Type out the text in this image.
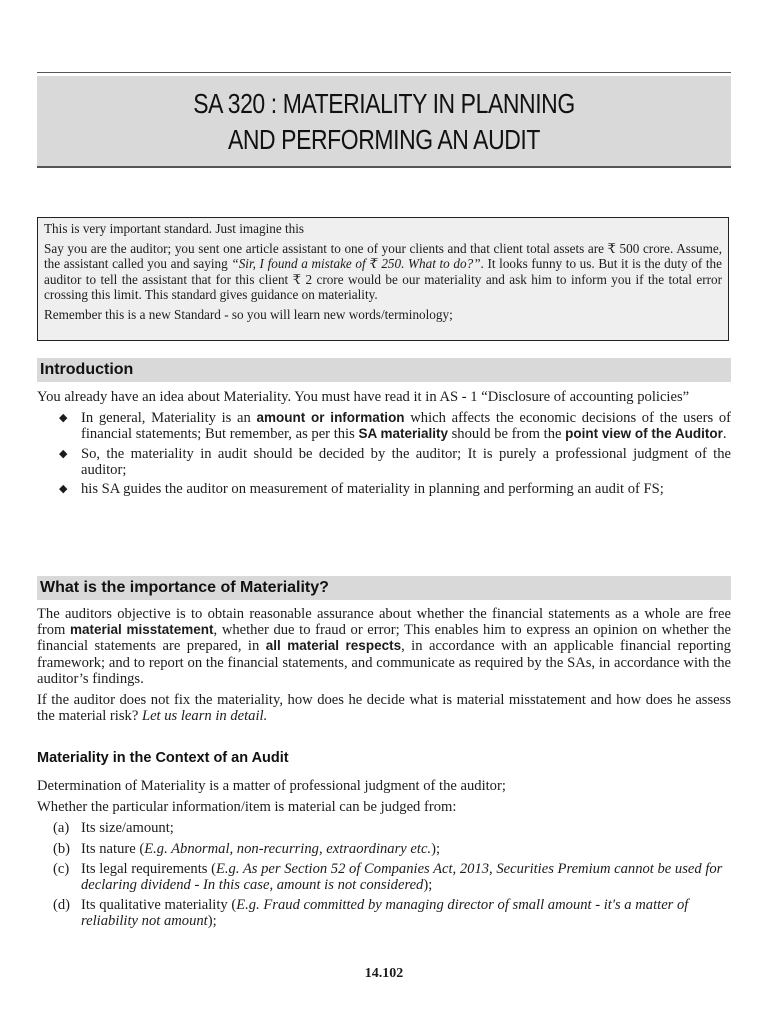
SA 320 : MATERIALITY IN PLANNING
AND PERFORMING AN AUDIT

This is very important standard. Just imagine this

Say you are the auditor; you sent one article assistant to one of your clients and that client total assets are ₹ 500 crore. Assume, the assistant called you and saying “Sir, I found a mistake of ₹ 250. What to do?”. It looks funny to us. But it is the duty of the auditor to tell the assistant that for this client ₹ 2 crore would be our materiality and ask him to inform you if the total error crossing this limit. This standard gives guidance on materiality.

Remember this is a new Standard - so you will learn new words/terminology;

Introduction

You already have an idea about Materiality. You must have read it in AS - 1 “Disclosure of accounting policies”

◆ In general, Materiality is an amount or information which affects the economic decisions of the users of financial statements; But remember, as per this SA materiality should be from the point view of the Auditor.
◆ So, the materiality in audit should be decided by the auditor; It is purely a professional judgment of the auditor;
◆ his SA guides the auditor on measurement of materiality in planning and performing an audit of FS;
What is the importance of Materiality?

The auditors objective is to obtain reasonable assurance about whether the financial statements as a whole are free from material misstatement, whether due to fraud or error; This enables him to express an opinion on whether the financial statements are prepared, in all material respects, in accordance with an applicable financial reporting framework; and to report on the financial statements, and communicate as required by the SAs, in accordance with the auditor’s findings.

If the auditor does not fix the materiality, how does he decide what is material misstatement and how does he assess the material risk? Let us learn in detail.

Materiality in the Context of an Audit

Determination of Materiality is a matter of professional judgment of the auditor;

Whether the particular information/item is material can be judged from:

(a) Its size/amount;
(b) Its nature (E.g. Abnormal, non-recurring, extraordinary etc.);
(c) Its legal requirements (E.g. As per Section 52 of Companies Act, 2013, Securities Premium cannot be used for declaring dividend - In this case, amount is not considered);
(d) Its qualitative materiality (E.g. Fraud committed by managing director of small amount - it's a matter of reliability not amount);
14.102
